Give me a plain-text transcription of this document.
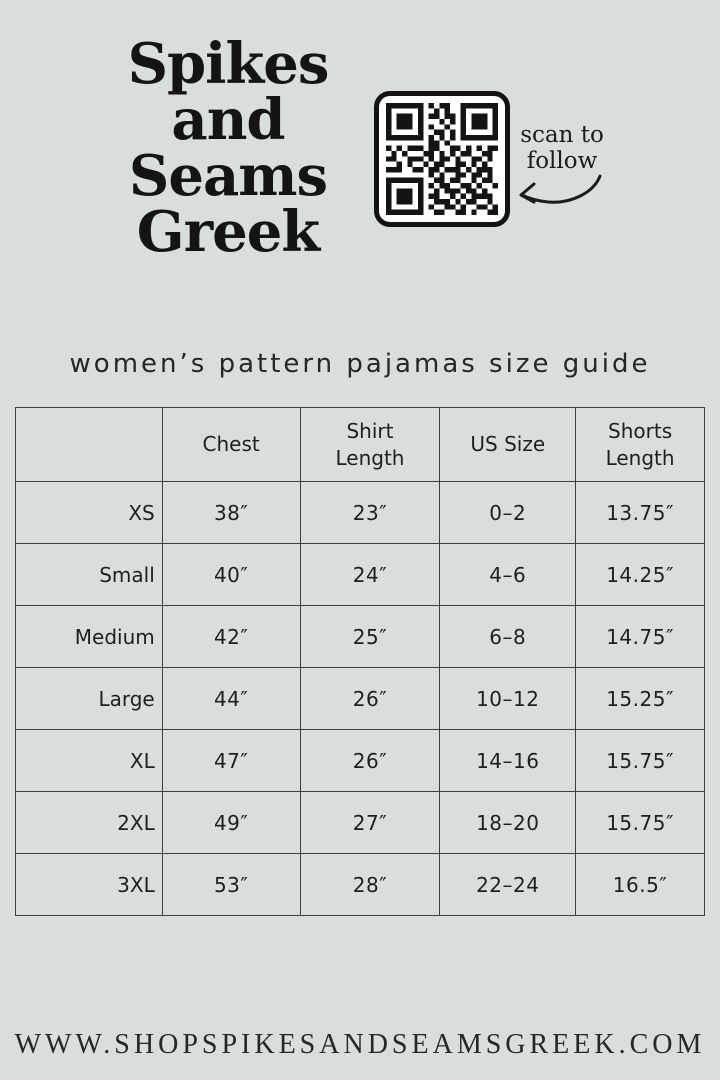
Spikes
and
Seams
Greek
scan to
follow
women’s pattern pajamas size guide
	Chest	Shirt Length	US Size	Shorts Length
XS	38″	23″	0–2	13.75″
Small	40″	24″	4–6	14.25″
Medium	42″	25″	6–8	14.75″
Large	44″	26″	10–12	15.25″
XL	47″	26″	14–16	15.75″
2XL	49″	27″	18–20	15.75″
3XL	53″	28″	22–24	16.5″
WWW.SHOPSPIKESANDSEAMSGREEK.COM
